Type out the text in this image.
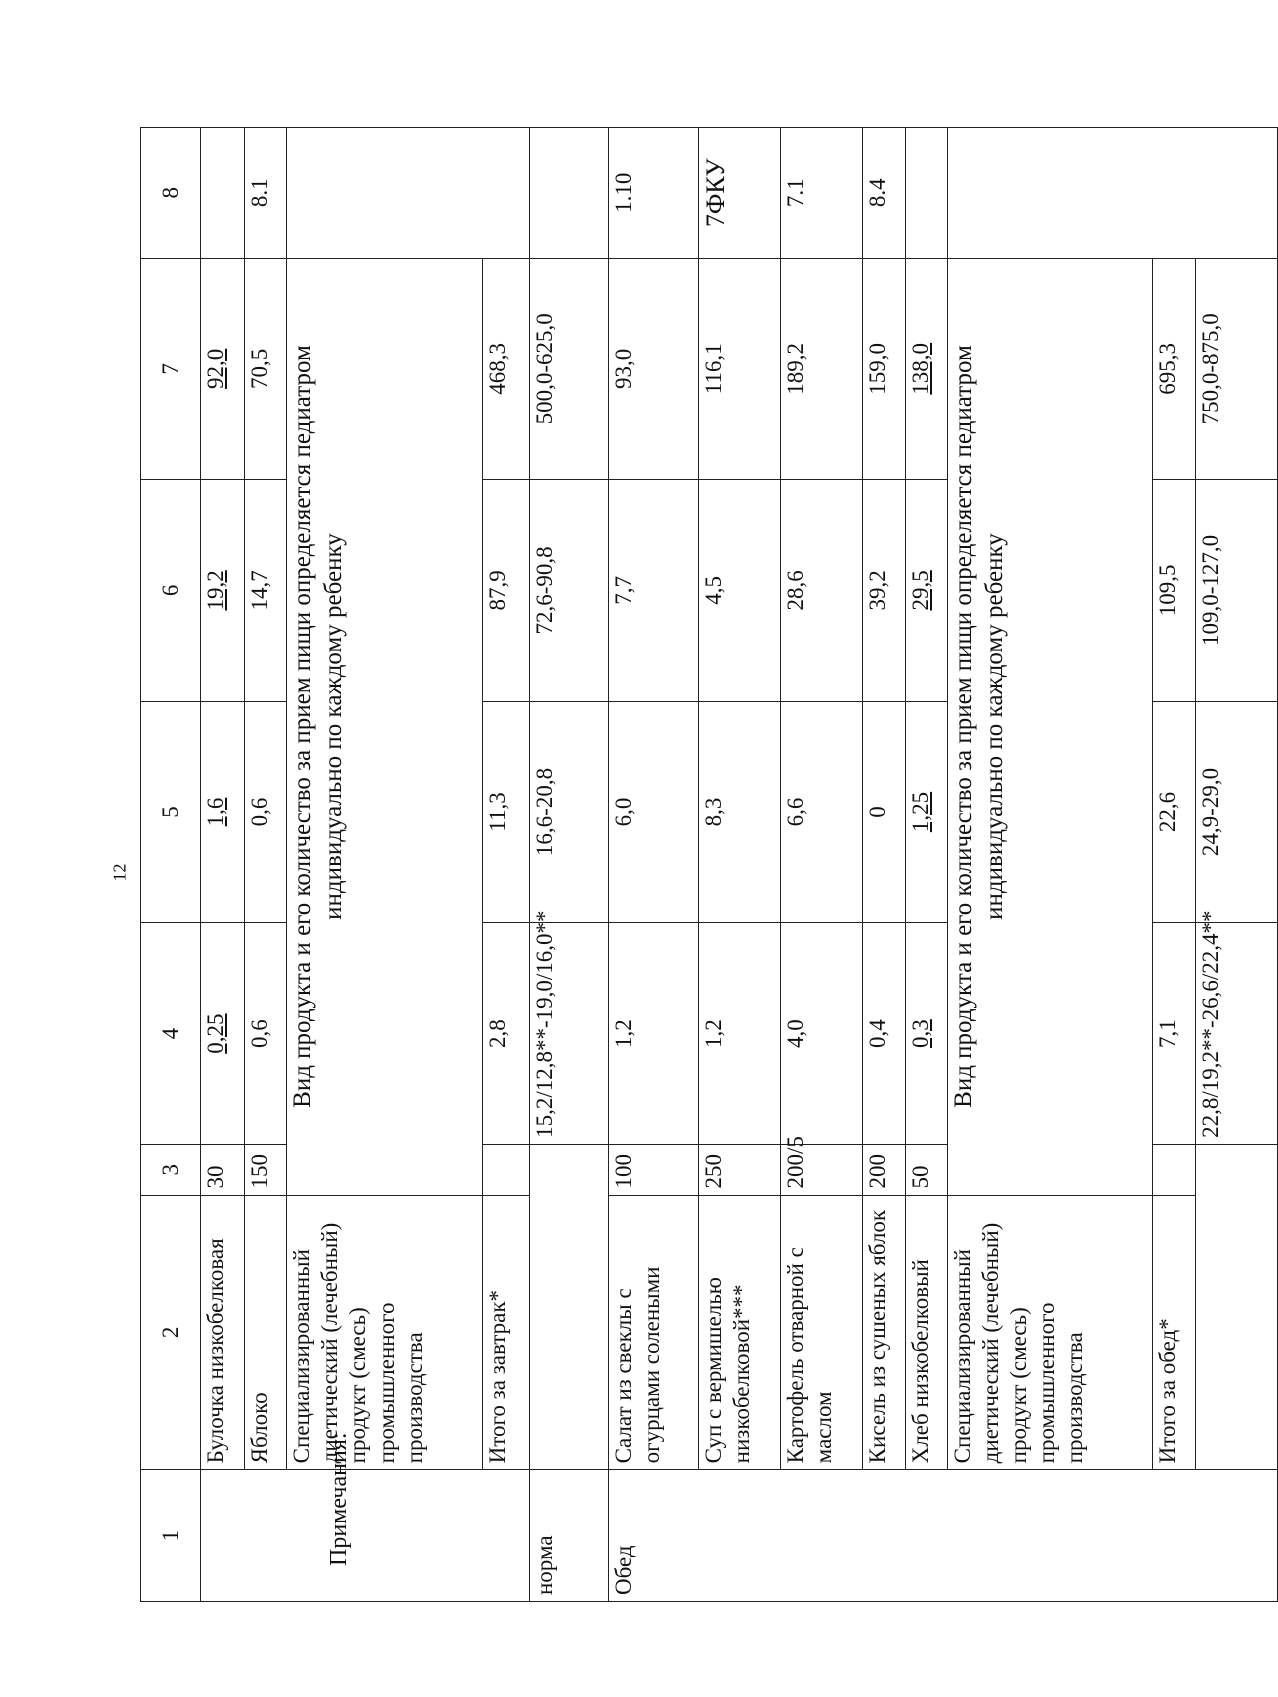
12
1	2	3	4	5	6	7	8
	Булочка низкобелковая	30	0,25	1,6	19,2	92,0	
	Яблоко	150	0,6	0,6	14,7	70,5	8.1
	Специализированный диетический (лечебный) продукт (смесь) промышленного производства	Вид продукта и его количество за прием пищи определяется педиатром индивидуально по каждому ребенку					
	Итого за завтрак*		2,8	11,3	87,9	468,3	
норма			15,2/12,8**-19,0/16,0**	16,6-20,8	72,6-90,8	500,0-625,0	
Обед	Салат из свеклы с огурцами солеными	100	1,2	6,0	7,7	93,0	1.10
	Суп с вермишелью низкобелковой***	250	1,2	8,3	4,5	116,1	7ФКУ
	Картофель отварной с маслом	200/5	4,0	6,6	28,6	189,2	7.1
	Кисель из сушеных яблок	200	0,4	0	39,2	159,0	8.4
	Хлеб низкобелковый	50	0,3	1,25	29,5	138,0	
	Специализированный диетический (лечебный) продукт (смесь) промышленного производства	Вид продукта и его количество за прием пищи определяется педиатром индивидуально по каждому ребенку					
	Итого за обед*		7,1	22,6	109,5	695,3	
			22,8/19,2**-26,6/22,4**	24,9-29,0	109,0-127,0	750,0-875,0	
Примечания:
